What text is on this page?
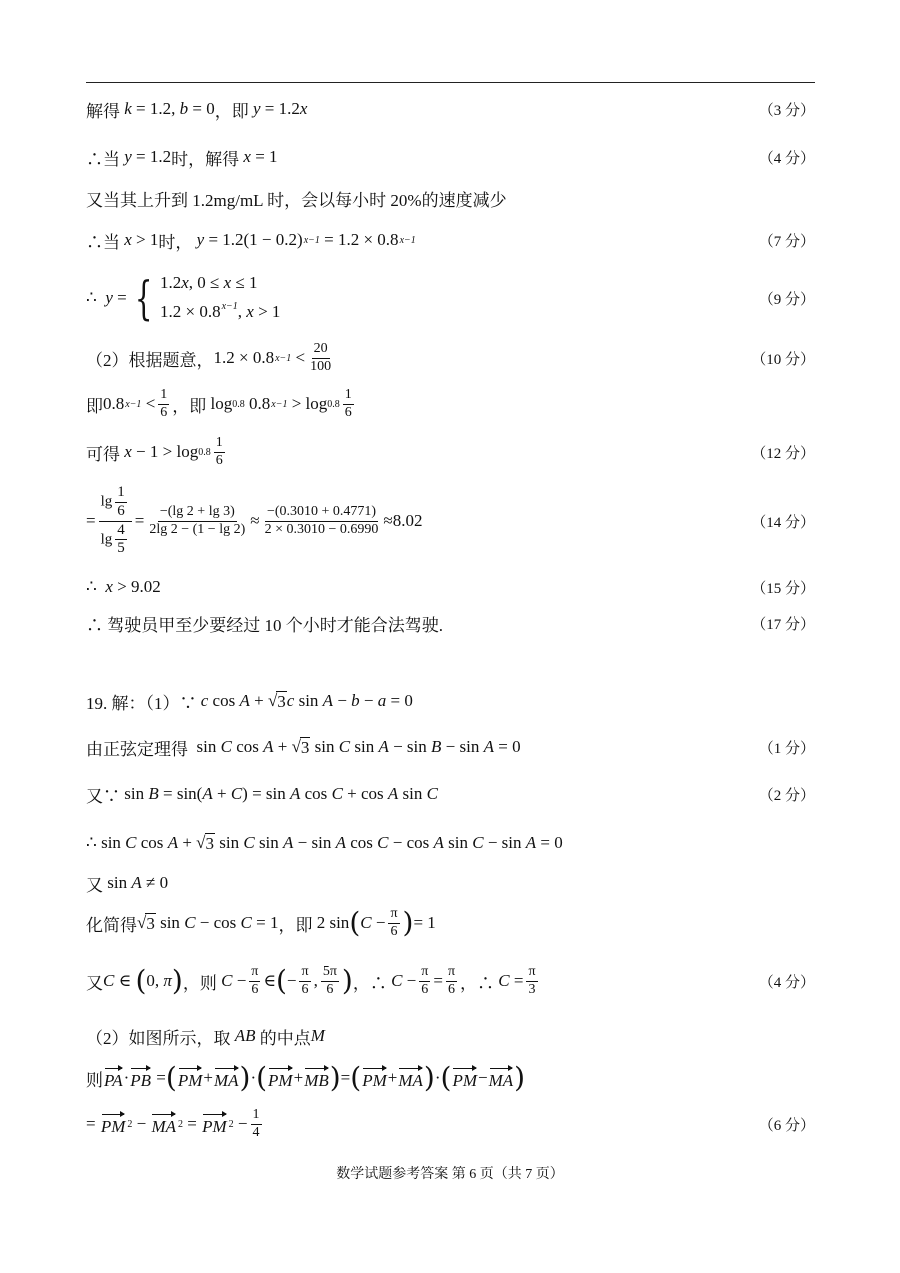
解得
k = 1.2, b = 0 ，即
y = 1.2 x	（3 分）
∴当
y = 1.2 时，解得
x = 1	（4 分）
又当其上升到 1.2mg/mL 时，会以每小时 20%的速度减少
∴当
x > 1 时，
y = 1.2(1 − 0.2) x−1 = 1.2 × 0.8 x−1	（7 分）
∴
y = { 1.2x, 0 ≤ x ≤ 1
$1.2 \times 0.8^{x-1}$, x > 1
（9 分）
（2）根据题意， 1.2 × 0.8 $x-1 < \frac{20}{100}$	（10 分）
即 0.8 $x-1 < \frac{1}{6}$ ，即 log 0.8 0.8 $x-1 > \log 0.8 \frac{1}{6}$
可得
$x - 1 > \log 0.8 \frac{1}{6}$	（12 分）
= $\frac{\lg \frac{1}{6}}{\lg \frac{4}{5}} = \frac{-(\lg 2 + \lg 3)}{2\lg 2 - (1 - \lg 2)} \approx \frac{-(0.3010 + 0.4771)}{2 \times 0.3010 - 0.6990} \approx 8.02$	（14 分）
∴
x > 9.02	（15 分）
∴ 驾驶员甲至少要经过 10 个小时才能合法驾驶.	（17 分）
19. 解：（1）∵
c cos A + √ 3 c sin A − b − a = 0
由正弦定理得 sin C cos A + √ 3 sin C sin A − sin B − sin A = 0	（1 分）
又∵ sin B = sin( A + C ) = sin A cos C + cos A sin C	（2 分）
∴ sin C cos A + √ 3 sin C sin A − sin A cos C − cos A sin C − sin A = 0
又 sin A ≠ 0
化简得 √ 3 sin C − cos C = 1 ，即 2 sin ( $C - \frac{\pi}{6}$ ) = 1
又 C ∈ ( 0, π ) ，则
$C - \frac{\pi}{6}$ ∈ ( − $\frac{\pi}{6}$ , $\frac{5\pi}{6}$ ) ，∴
$C - \frac{\pi}{6} = \frac{\pi}{6}$ ，∴
$C = \frac{\pi}{3}$	（4 分）
（2）如图所示，取
AB
的中点 M
则 PA · PB = ( PM + MA ) · ( PM + MB ) = ( PM + MA ) · ( PM − MA )
= PM 2 − MA 2 = PM $2 - \frac{1}{4}$	（6 分）
数学试题参考答案 第 6 页（共 7 页）
